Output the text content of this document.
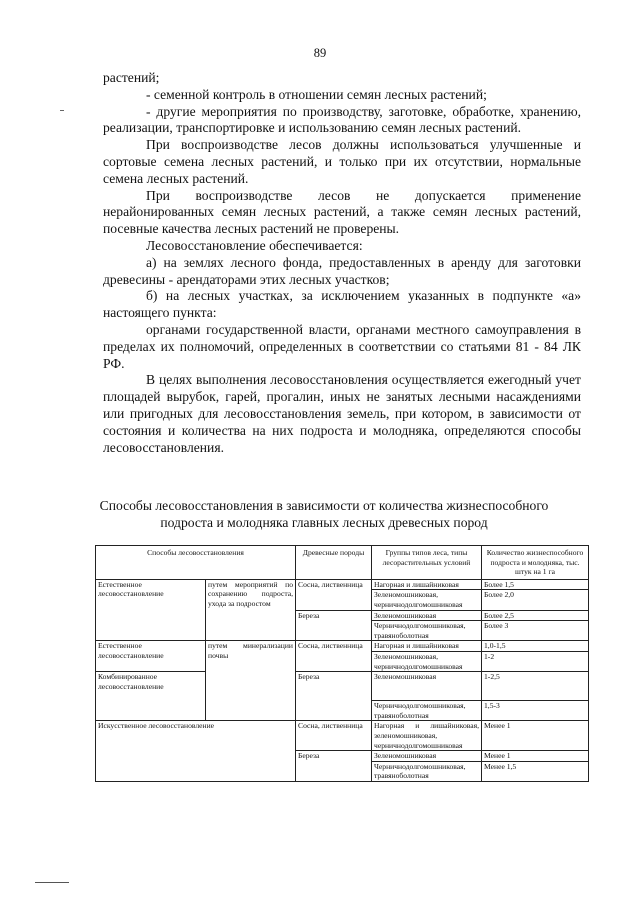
89

растений;

- семенной контроль в отношении семян лесных растений;

- другие мероприятия по производству, заготовке, обработке, хранению, реализации, транспортировке и использованию семян лесных растений.

При воспроизводстве лесов должны использоваться улучшенные и сортовые семена лесных растений, и только при их отсутствии, нормальные семена лесных растений.

При воспроизводстве лесов не допускается применение нерайонированных семян лесных растений, а также семян лесных растений, посевные качества лесных растений не проверены.

Лесовосстановление обеспечивается:

а) на землях лесного фонда, предоставленных в аренду для заготовки древесины - арендаторами этих лесных участков;

б) на лесных участках, за исключением указанных в подпункте «а» настоящего пункта:

органами государственной власти, органами местного самоуправления в пределах их полномочий, определенных в соответствии со статьями 81 - 84 ЛК РФ.

В целях выполнения лесовосстановления осуществляется ежегодный учет площадей вырубок, гарей, прогалин, иных не занятых лесными насаждениями или пригодных для лесовосстановления земель, при котором, в зависимости от состояния и количества на них подроста и молодняка, определяются способы лесовосстановления.

Способы лесовосстановления в зависимости от количества жизнеспособного подроста и молодняка главных лесных древесных пород
Способы лесовосстановления		Древесные породы	Группы типов леса, типы лесорастительных условий	Количество жизнеспособного подроста и молодняка, тыс. штук на 1 га
Естественное лесовосстановление	путем мероприятий по сохранению подроста, ухода за подростом	Сосна, лиственница	Нагорная и лишайниковая	Более 1,5
			Зеленомошниковая, черничнодолгомошниковая	Более 2,0
		Береза	Зеленомошниковая	Более 2,5
			Черничнодолгомошниковая, травяноболотная	Более 3
Естественное лесовосстановление	путем минерализации почвы	Сосна, лиственница	Нагорная и лишайниковая	1,0-1,5
			Зеленомошниковая, черничнодолгомошниковая	1-2
Комбинированное лесовосстановление		Береза	Зеленомошниковая	1-2,5
			Черничнодолгомошниковая, травяноболотная	1,5-3
Искусственное лесовосстановление		Сосна, лиственница	Нагорная и лишайниковая, зеленомошниковая, черничнодолгомошниковая	Менее 1
		Береза	Зеленомошниковая	Менее 1
			Черничнодолгомошниковая, травяноболотная	Менее 1,5
